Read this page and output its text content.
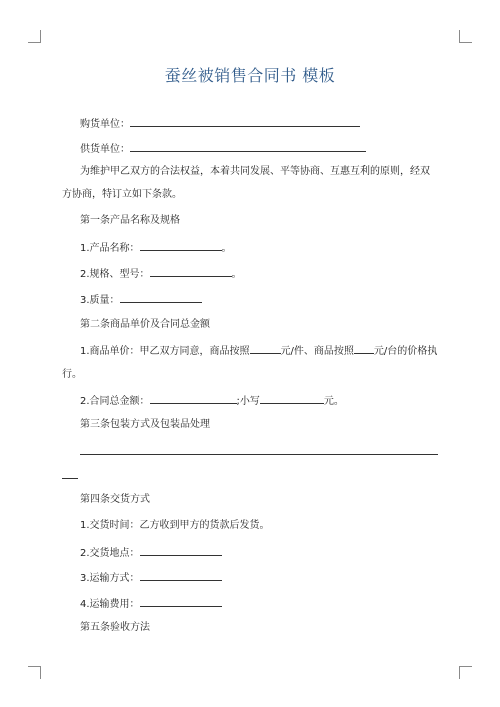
蚕丝被销售合同书 模板
购货单位：
供货单位：
为维护甲乙双方的合法权益，本着共同发展、平等协商、互惠互利的原则，经双
方协商，特订立如下条款。
第一条产品名称及规格
1.产品名称：	。
2.规格、型号：	。
3.质量：
第二条商品单价及合同总金额
1.商品单价：甲乙双方同意，商品按照	元/件、商品按照 元/台的价格执
行。
2.合同总金额：	;小写	元。
第三条包装方式及包装品处理
第四条交货方式
1.交货时间：乙方收到甲方的货款后发货。
2.交货地点：
3.运输方式：
4.运输费用：
第五条验收方法
